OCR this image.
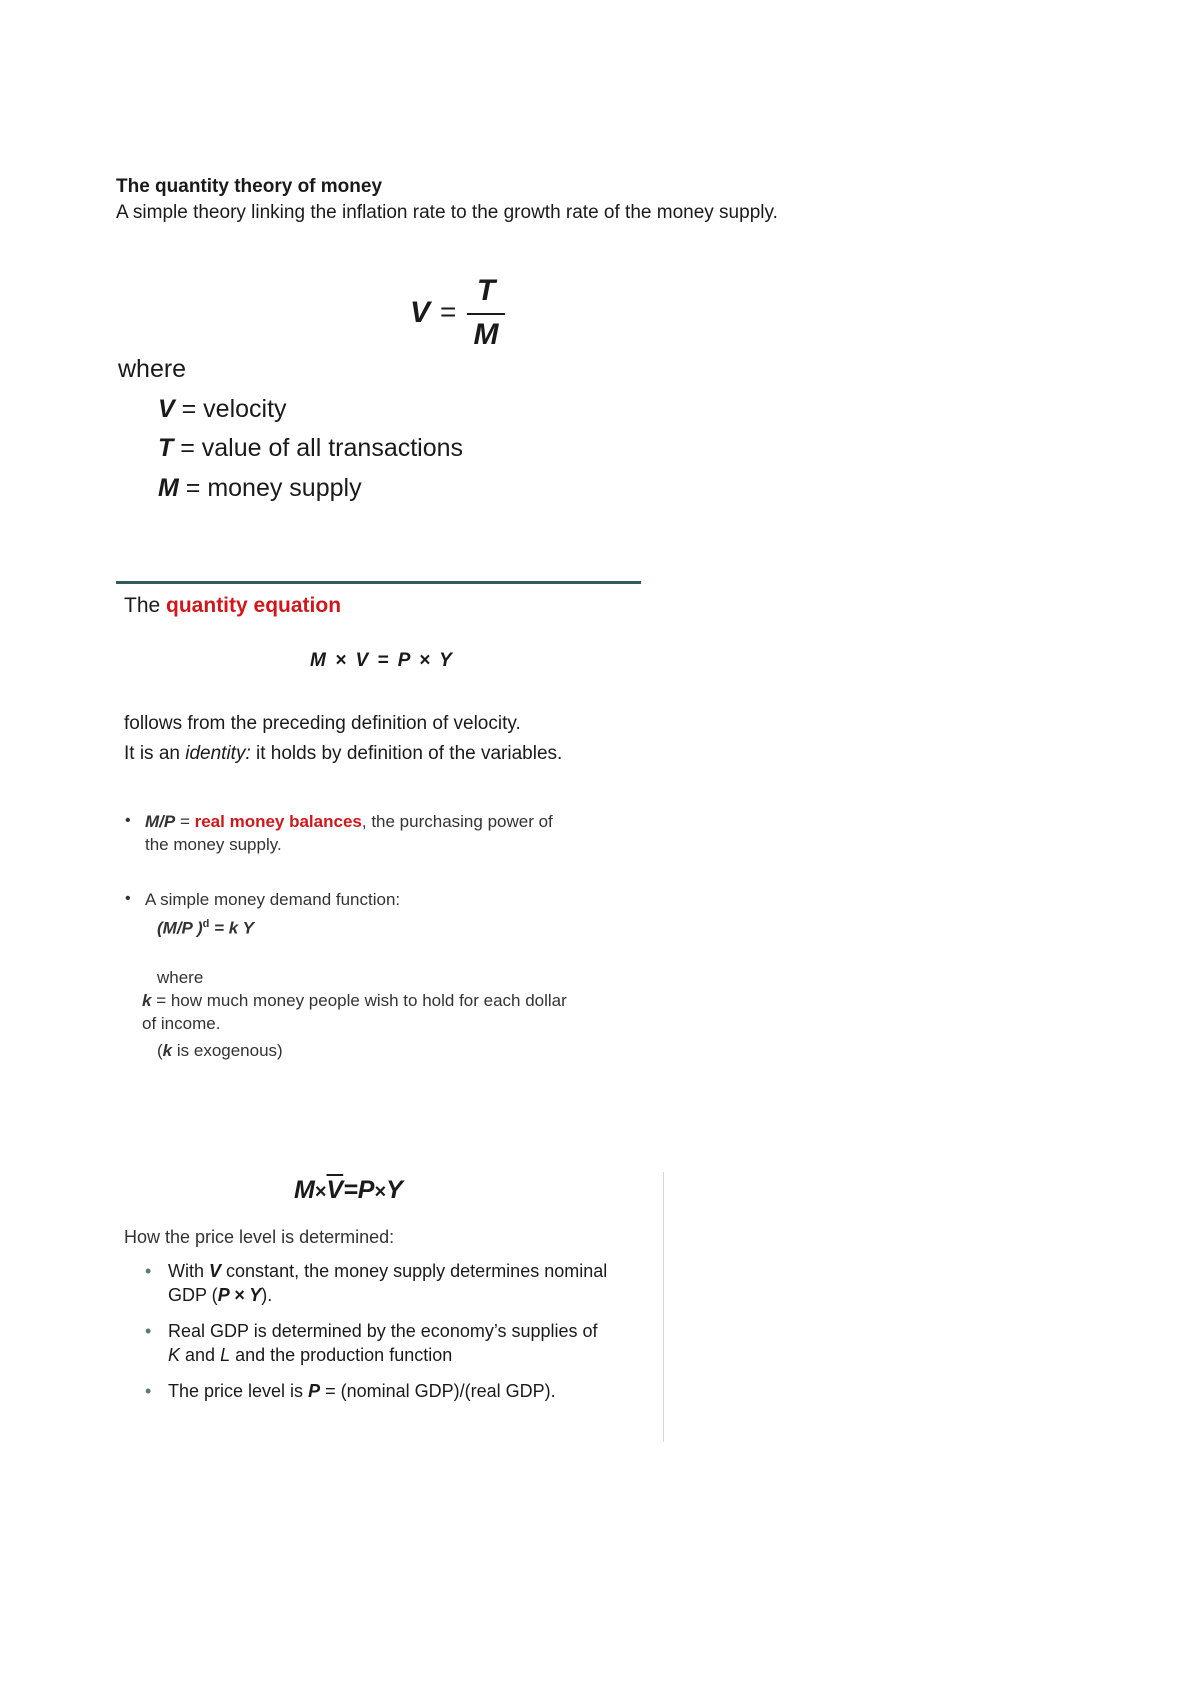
The quantity theory of money
A simple theory linking the inflation rate to the growth rate of the money supply.
V =
T
M
where
V = velocity
T = value of all transactions
M = money supply
The quantity equation
M × V = P × Y
follows from the preceding definition of velocity.
It is an identity: it holds by definition of the variables.
• M/P = real money balances, the purchasing power of
the money supply.
• A simple money demand function:
(M/P )$^d$ = k Y
where
k = how much money people wish to hold for each dollar
of income.
(k is exogenous)
$M\times\overline{V}=P\times Y$
How the price level is determined:
• With V constant, the money supply determines nominal
GDP (P × Y).
• Real GDP is determined by the economy’s supplies of
K and L and the production function
• The price level is P = (nominal GDP)/(real GDP).
